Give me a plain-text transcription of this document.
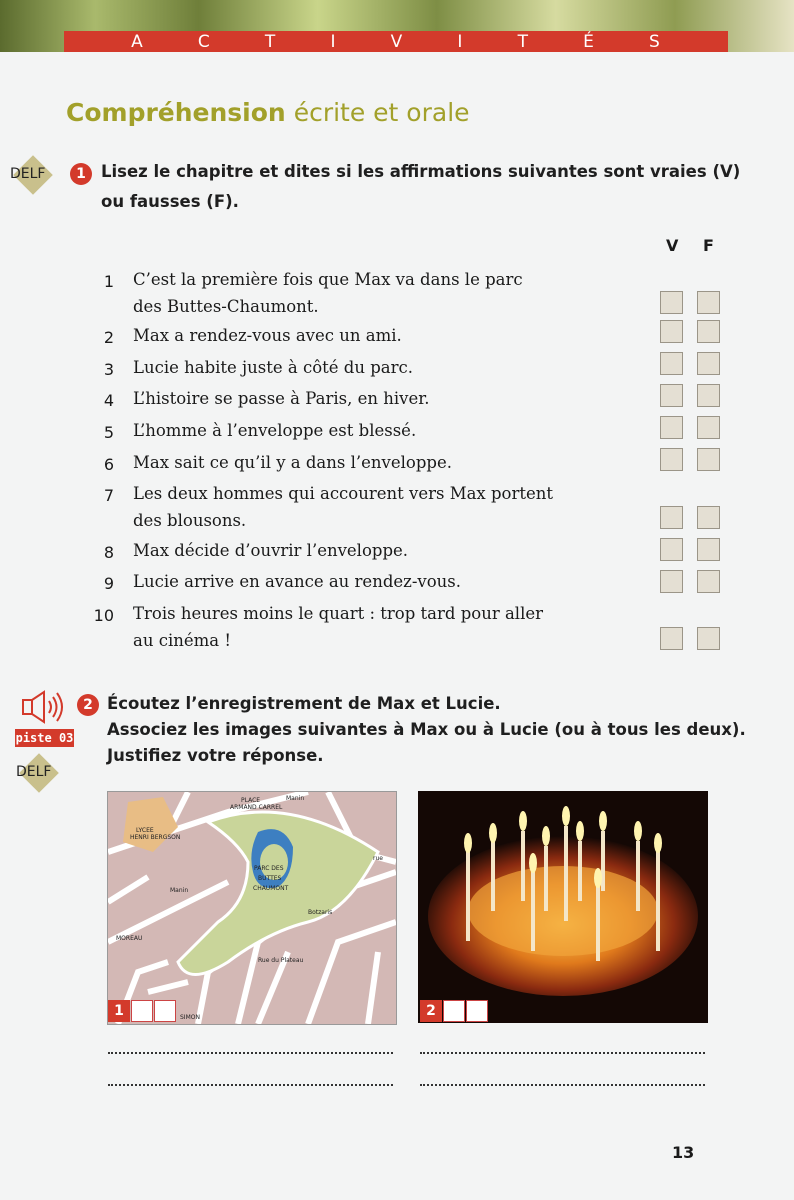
A	C	T	I	V	I	T	É	S
Compréhension écrite et orale
DELF	1 Lisez le chapitre et dites si les affirmations suivantes sont vraies (V)
ou fausses (F).
V F
1 C’est la première fois que Max va dans le parc
des Buttes-Chaumont.
2 Max a rendez-vous avec un ami.
3 Lucie habite juste à côté du parc.
4 L’histoire se passe à Paris, en hiver.
5 L’homme à l’enveloppe est blessé.
6 Max sait ce qu’il y a dans l’enveloppe.
7 Les deux hommes qui accourent vers Max portent
des blousons.
8 Max décide d’ouvrir l’enveloppe.
9 Lucie arrive en avance au rendez-vous.
10 Trois heures moins le quart : trop tard pour aller
au cinéma !
piste 03
DELF
2 Écoutez l’enregistrement de Max et Lucie.
Associez les images suivantes à Max ou à Lucie (ou à tous les deux).
Justifiez votre réponse.
PLACE
ARMAND CARREL
Manin
LYCEE
HENRI BERGSON
PARC DES
BUTTES
CHAUMONT
rue
Botzaris
MOREAU
Manin
Rue du Plateau
SIMON
1	2
13
